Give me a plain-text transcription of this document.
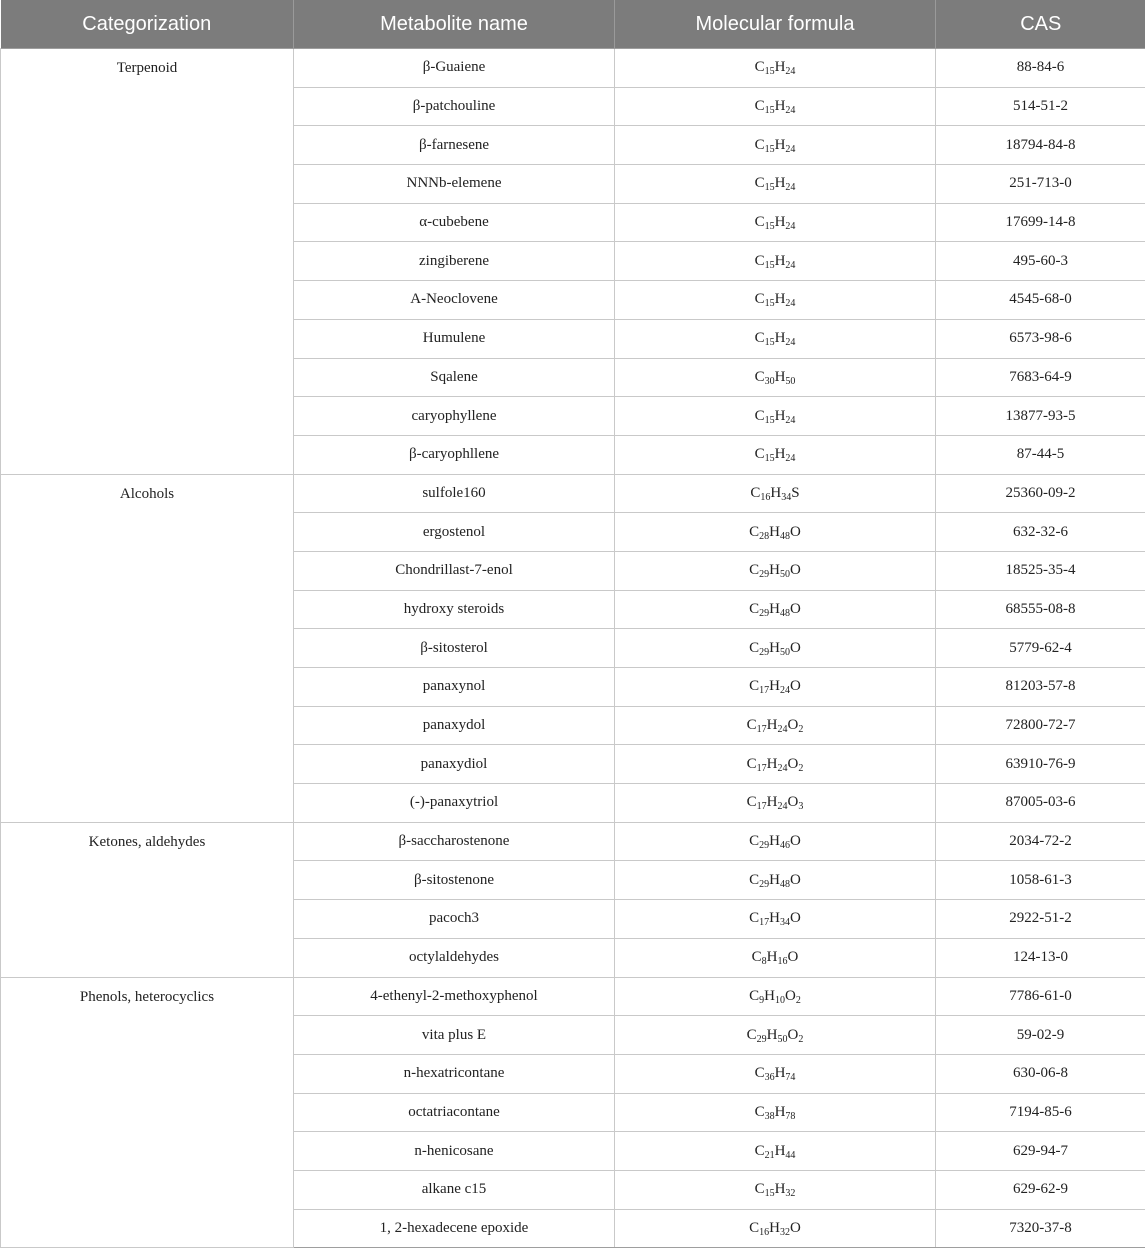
Categorization	Metabolite name	Molecular formula	CAS
Terpenoid	β-Guaiene	$C_{15}H_{24}$	88-84-6
	β-patchouline	$C_{15}H_{24}$	514-51-2
	β-farnesene	$C_{15}H_{24}$	18794-84-8
	NNNb-elemene	$C_{15}H_{24}$	251-713-0
	α-cubebene	$C_{15}H_{24}$	17699-14-8
	zingiberene	$C_{15}H_{24}$	495-60-3
	A-Neoclovene	$C_{15}H_{24}$	4545-68-0
	Humulene	$C_{15}H_{24}$	6573-98-6
	Sqalene	$C_{30}H_{50}$	7683-64-9
	caryophyllene	$C_{15}H_{24}$	13877-93-5
	β-caryophllene	$C_{15}H_{24}$	87-44-5
Alcohols	sulfole160	$C_{16}H_{34}S$	25360-09-2
	ergostenol	$C_{28}H_{48}O$	632-32-6
	Chondrillast-7-enol	$C_{29}H_{50}O$	18525-35-4
	hydroxy steroids	$C_{29}H_{48}O$	68555-08-8
	β-sitosterol	$C_{29}H_{50}O$	5779-62-4
	panaxynol	$C_{17}H_{24}O$	81203-57-8
	panaxydol	$C_{17}H_{24}O_2$	72800-72-7
	panaxydiol	$C_{17}H_{24}O_2$	63910-76-9
	(-)-panaxytriol	$C_{17}H_{24}O_3$	87005-03-6
Ketones, aldehydes	β-saccharostenone	$C_{29}H_{46}O$	2034-72-2
	β-sitostenone	$C_{29}H_{48}O$	1058-61-3
	pacoch3	$C_{17}H_{34}O$	2922-51-2
	octylaldehydes	$C_8H_{16}O$	124-13-0
Phenols, heterocyclics	4-ethenyl-2-methoxyphenol	$C_9H_{10}O_2$	7786-61-0
	vita plus E	$C_{29}H_{50}O_2$	59-02-9
	n-hexatricontane	$C_{36}H_{74}$	630-06-8
	octatriacontane	$C_{38}H_{78}$	7194-85-6
	n-henicosane	$C_{21}H_{44}$	629-94-7
	alkane c15	$C_{15}H_{32}$	629-62-9
	1, 2-hexadecene epoxide	$C_{16}H_{32}O$	7320-37-8
